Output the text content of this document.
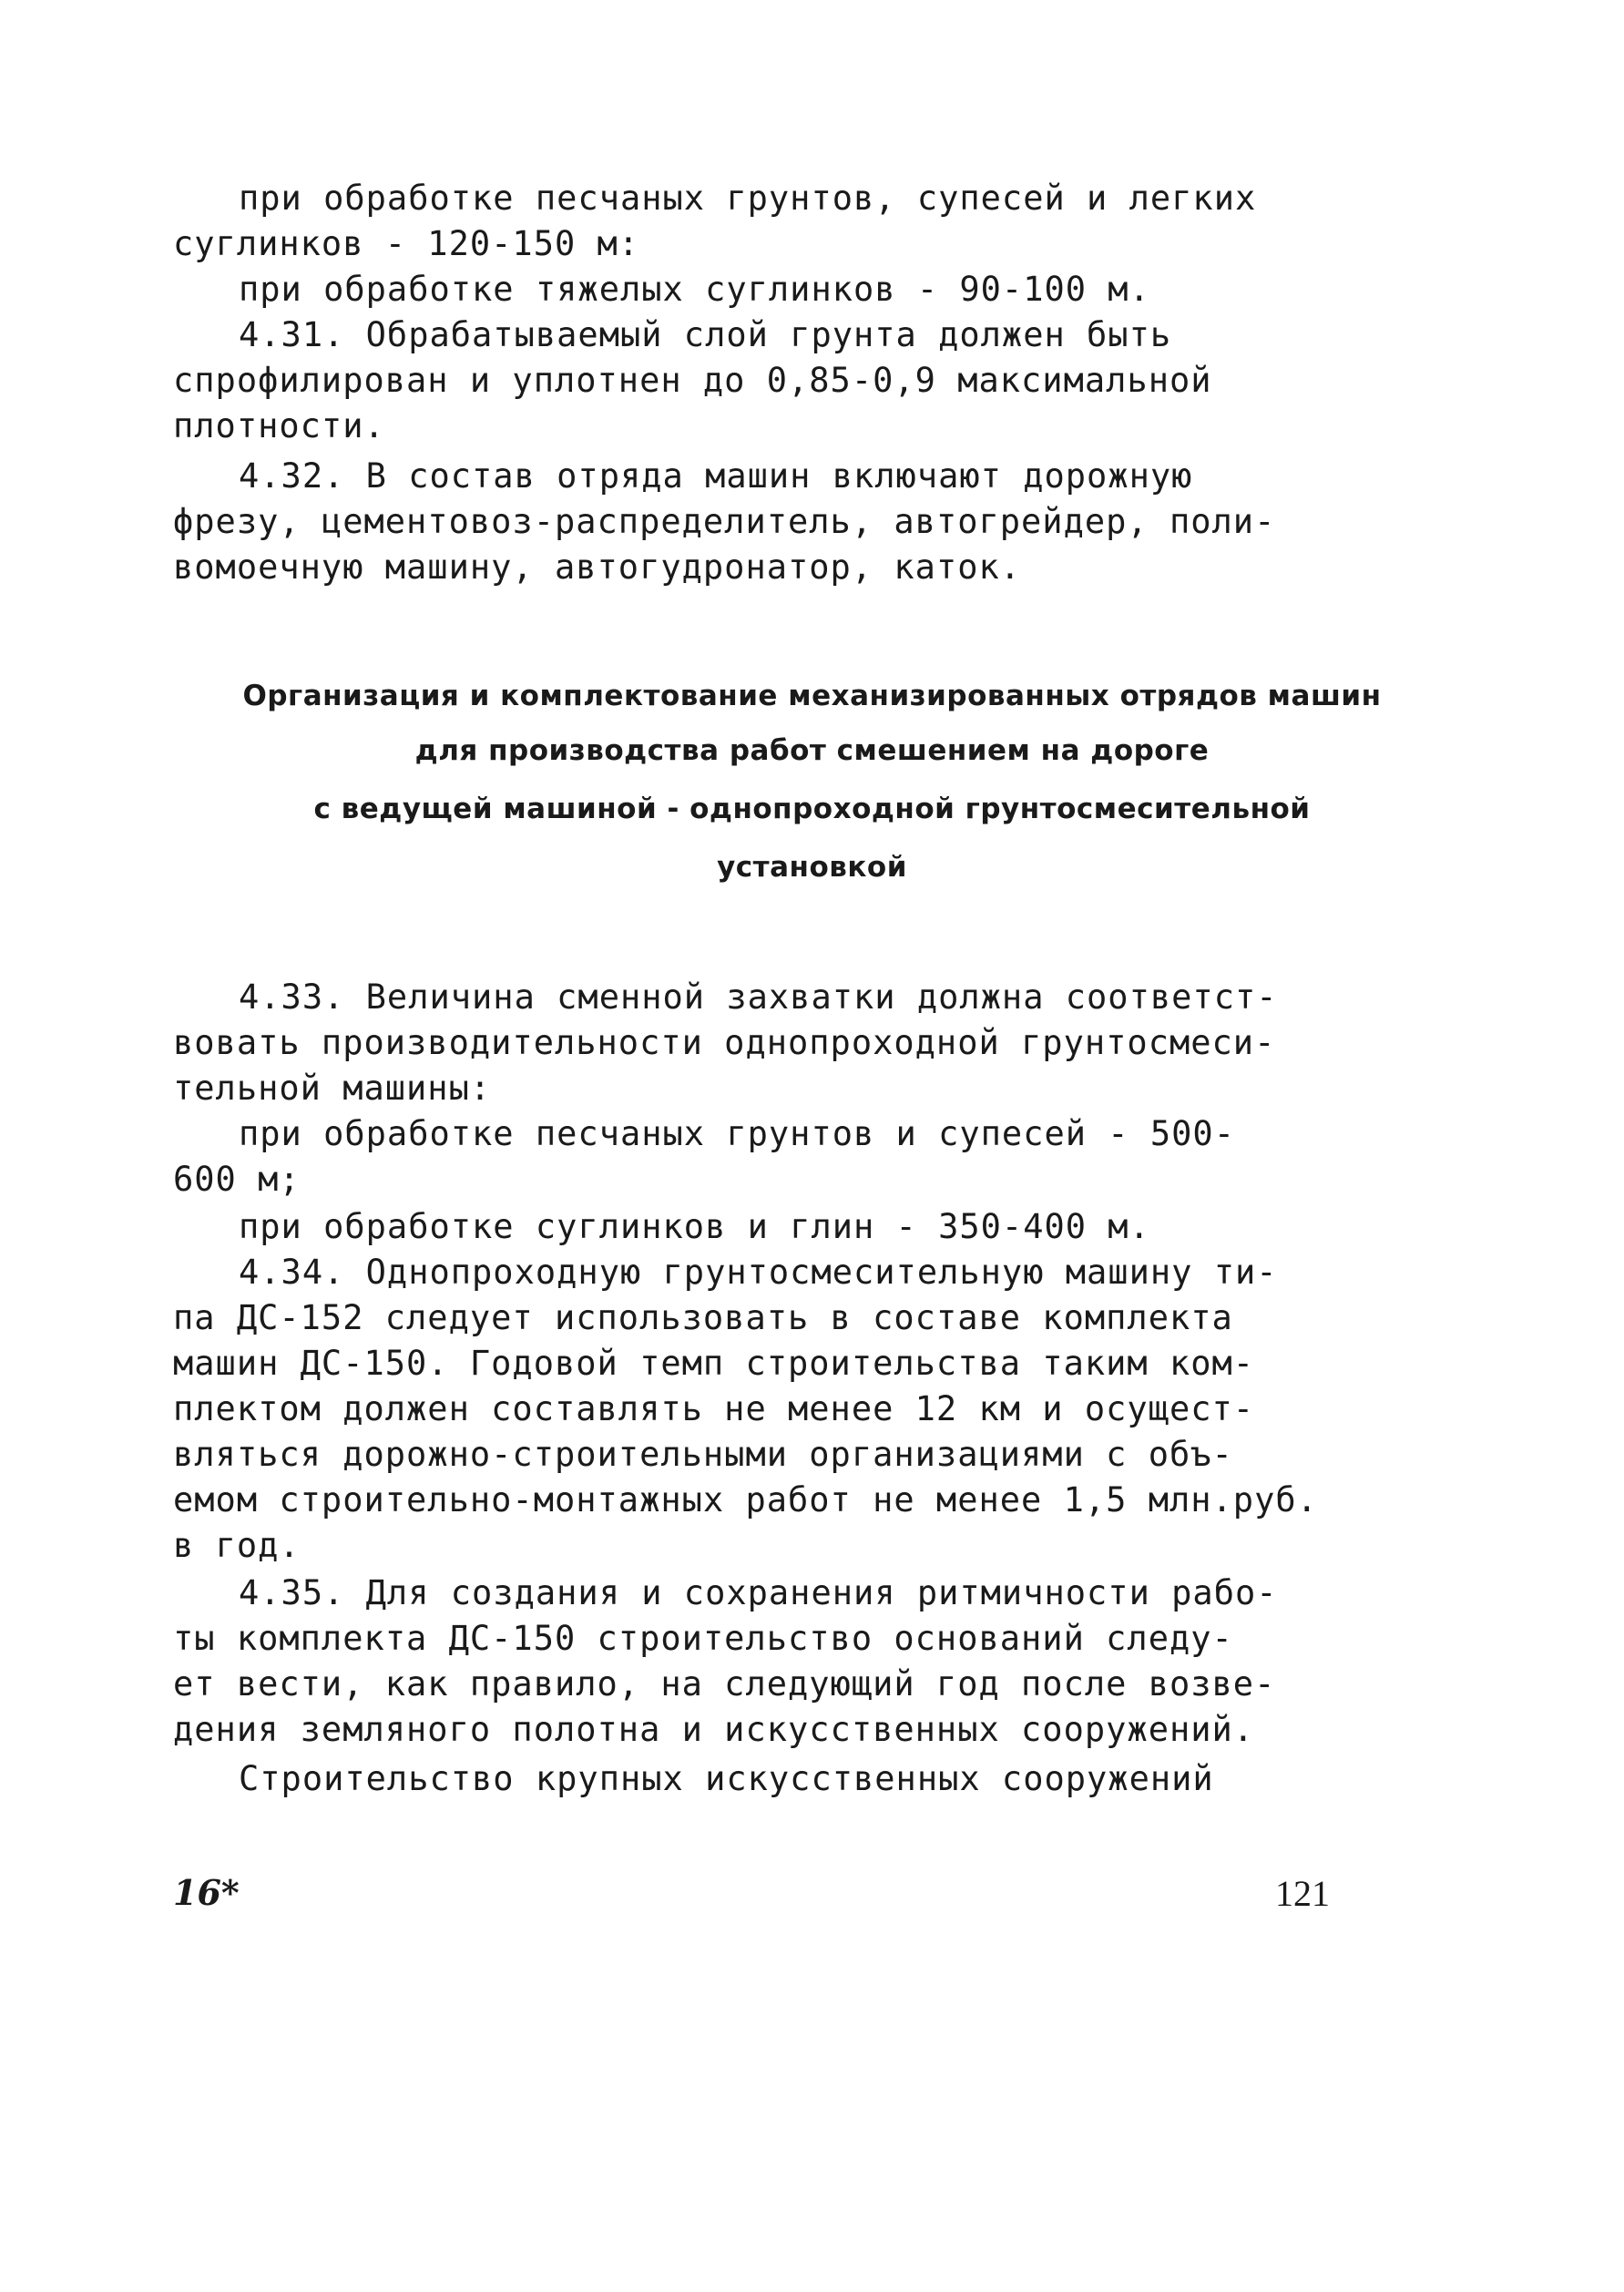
при обработке песчаных грунтов, супесей и легких
суглинков - 120-150 м:
при обработке тяжелых суглинков - 90-100 м.
4.31. Обрабатываемый слой грунта должен быть
спрофилирован и уплотнен до 0,85-0,9 максимальной
плотности.
4.32. В состав отряда машин включают дорожную
фрезу, цементовоз-распределитель, автогрейдер, поли-
вомоечную машину, автогудронатор, каток.
Организация и комплектование механизированных отрядов машин
для производства работ смешением на дороге
с ведущей машиной - однопроходной грунтосмесительной
установкой
4.33. Величина сменной захватки должна соответст-
вовать производительности однопроходной грунтосмеси-
тельной машины:
при обработке песчаных грунтов и супесей - 500-
600 м;
при обработке суглинков и глин - 350-400 м.
4.34. Однопроходную грунтосмесительную машину ти-
па ДС-152 следует использовать в составе комплекта
машин ДС-150. Годовой темп строительства таким ком-
плектом должен составлять не менее 12 км и осущест-
вляться дорожно-строительными организациями с объ-
емом строительно-монтажных работ не менее 1,5 млн.руб.
в год.
4.35. Для создания и сохранения ритмичности рабо-
ты комплекта ДС-150 строительство оснований следу-
ет вести, как правило, на следующий год после возве-
дения земляного полотна и искусственных сооружений.
Строительство крупных искусственных сооружений
16*	121
